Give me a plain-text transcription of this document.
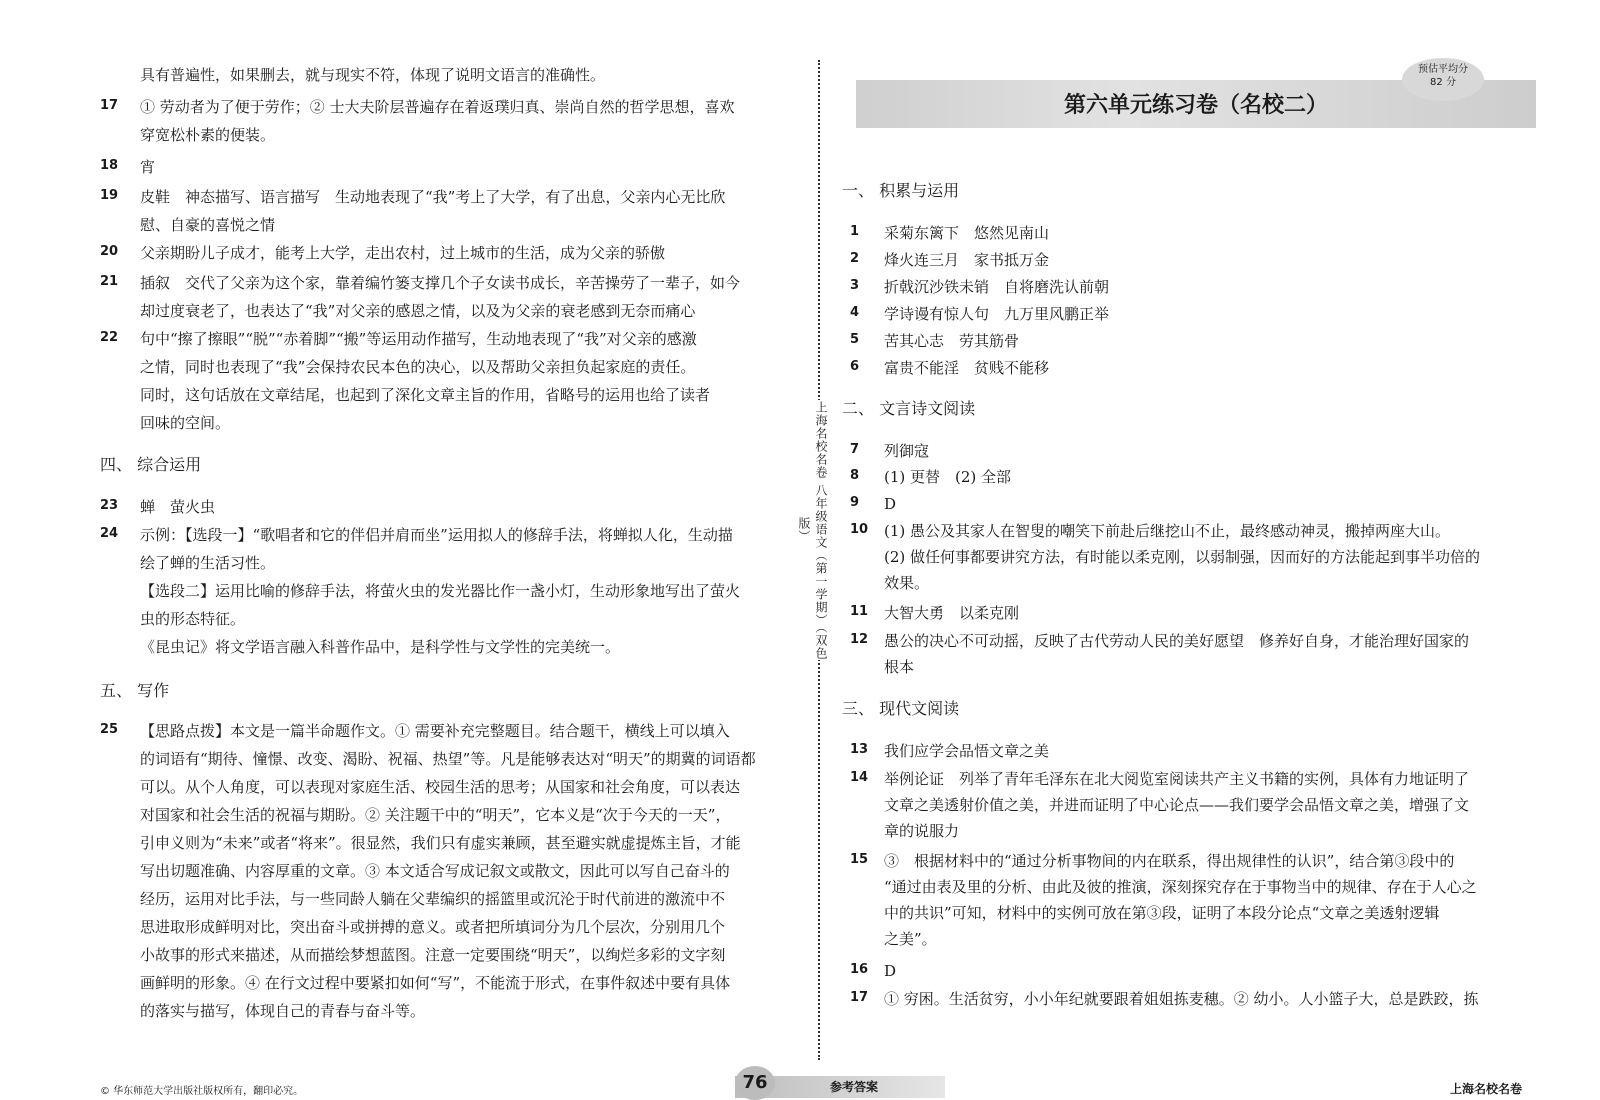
具有普遍性，如果删去，就与现实不符，体现了说明文语言的准确性。
17	① 劳动者为了便于劳作；② 士大夫阶层普遍存在着返璞归真、崇尚自然的哲学思想，喜欢
穿宽松朴素的便装。
18	宵
19	皮鞋　神态描写、语言描写　生动地表现了“我”考上了大学，有了出息，父亲内心无比欣
慰、自豪的喜悦之情
20	父亲期盼儿子成才，能考上大学，走出农村，过上城市的生活，成为父亲的骄傲
21	插叙　交代了父亲为这个家，靠着编竹篓支撑几个子女读书成长，辛苦操劳了一辈子，如今
却过度衰老了，也表达了“我”对父亲的感恩之情，以及为父亲的衰老感到无奈而痛心
22	句中“擦了擦眼”“脱”“赤着脚”“搬”等运用动作描写，生动地表现了“我”对父亲的感激
之情，同时也表现了“我”会保持农民本色的决心，以及帮助父亲担负起家庭的责任。
同时，这句话放在文章结尾，也起到了深化文章主旨的作用，省略号的运用也给了读者
回味的空间。
四、 综合运用
23	蝉　萤火虫
24	示例：【选段一】“歌唱者和它的伴侣并肩而坐”运用拟人的修辞手法，将蝉拟人化，生动描
绘了蝉的生活习性。
【选段二】运用比喻的修辞手法，将萤火虫的发光器比作一盏小灯，生动形象地写出了萤火
虫的形态特征。
《昆虫记》将文学语言融入科普作品中，是科学性与文学性的完美统一。
五、 写作
25	【思路点拨】本文是一篇半命题作文。① 需要补充完整题目。结合题干，横线上可以填入
的词语有“期待、憧憬、改变、渴盼、祝福、热望”等。凡是能够表达对“明天”的期冀的词语都
可以。从个人角度，可以表现对家庭生活、校园生活的思考；从国家和社会角度，可以表达
对国家和社会生活的祝福与期盼。② 关注题干中的“明天”，它本义是“次于今天的一天”，
引申义则为“未来”或者“将来”。很显然，我们只有虚实兼顾，甚至避实就虚提炼主旨，才能
写出切题准确、内容厚重的文章。③ 本文适合写成记叙文或散文，因此可以写自己奋斗的
经历，运用对比手法，与一些同龄人躺在父辈编织的摇篮里或沉沦于时代前进的激流中不
思进取形成鲜明对比，突出奋斗或拼搏的意义。或者把所填词分为几个层次，分别用几个
小故事的形式来描述，从而描绘梦想蓝图。注意一定要围绕“明天”，以绚烂多彩的文字刻
画鲜明的形象。④ 在行文过程中要紧扣如何“写”，不能流于形式，在事件叙述中要有具体
的落实与描写，体现自己的青春与奋斗等。
上海名校名卷 八年级语文（第一学期）（双色版）
第六单元练习卷（名校二）
预估平均分
82 分
一、 积累与运用
1	采菊东篱下　悠然见南山
2	烽火连三月　家书抵万金
3	折戟沉沙铁未销　自将磨洗认前朝
4	学诗谩有惊人句　九万里风鹏正举
5	苦其心志　劳其筋骨
6	富贵不能淫　贫贱不能移
二、 文言诗文阅读
7	列御寇
8	(1) 更替　(2) 全部
9	D
10	(1) 愚公及其家人在智叟的嘲笑下前赴后继挖山不止，最终感动神灵，搬掉两座大山。
(2) 做任何事都要讲究方法，有时能以柔克刚，以弱制强，因而好的方法能起到事半功倍的
效果。
11	大智大勇　以柔克刚
12	愚公的决心不可动摇，反映了古代劳动人民的美好愿望　修养好自身，才能治理好国家的
根本
三、 现代文阅读
13	我们应学会品悟文章之美
14	举例论证　列举了青年毛泽东在北大阅览室阅读共产主义书籍的实例，具体有力地证明了
文章之美透射价值之美，并进而证明了中心论点——我们要学会品悟文章之美，增强了文
章的说服力
15	③　根据材料中的“通过分析事物间的内在联系，得出规律性的认识”，结合第③段中的
“通过由表及里的分析、由此及彼的推演，深刻探究存在于事物当中的规律、存在于人心之
中的共识”可知，材料中的实例可放在第③段，证明了本段分论点“文章之美透射逻辑
之美”。
16	D
17	① 穷困。生活贫穷，小小年纪就要跟着姐姐拣麦穗。② 幼小。人小篮子大，总是跌跤，拣
© 华东师范大学出版社版权所有，翻印必究。	76	参考答案	上海名校名卷
